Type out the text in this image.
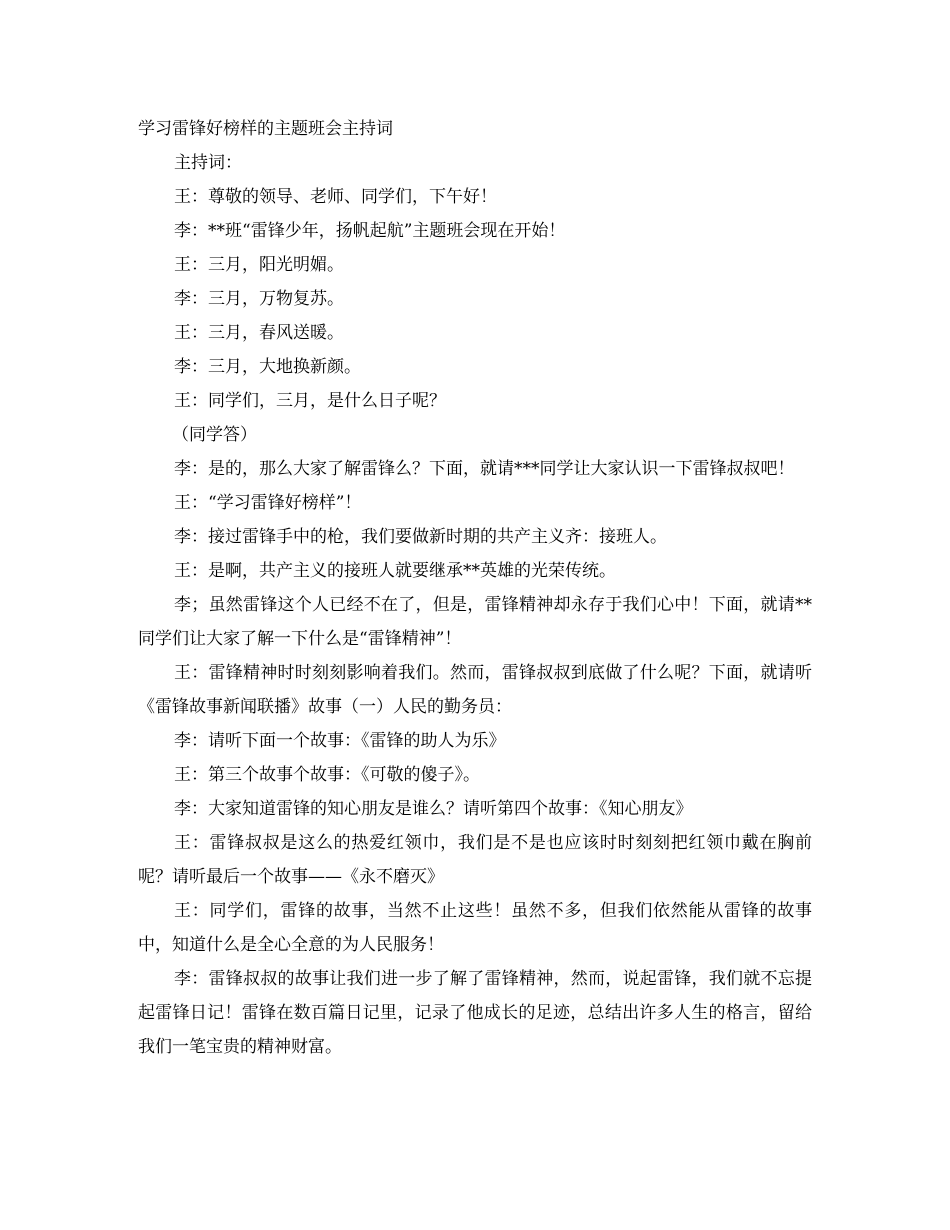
学习雷锋好榜样的主题班会主持词

主持词：

王：尊敬的领导、老师、同学们，下午好！

李：**班“雷锋少年，扬帆起航”主题班会现在开始！

王：三月，阳光明媚。

李：三月，万物复苏。

王：三月，春风送暖。

李：三月，大地换新颜。

王：同学们，三月，是什么日子呢？

（同学答）

李：是的，那么大家了解雷锋么？下面，就请***同学让大家认识一下雷锋叔叔吧！

王：“学习雷锋好榜样”！

李：接过雷锋手中的枪，我们要做新时期的共产主义齐：接班人。

王：是啊，共产主义的接班人就要继承**英雄的光荣传统。

李；虽然雷锋这个人已经不在了，但是，雷锋精神却永存于我们心中！下面，就请**同学们让大家了解一下什么是“雷锋精神”！

王：雷锋精神时时刻刻影响着我们。然而，雷锋叔叔到底做了什么呢？下面，就请听《雷锋故事新闻联播》故事（一）人民的勤务员：

李：请听下面一个故事：《雷锋的助人为乐》

王：第三个故事个故事：《可敬的傻子》。

李：大家知道雷锋的知心朋友是谁么？请听第四个故事：《知心朋友》

王：雷锋叔叔是这么的热爱红领巾，我们是不是也应该时时刻刻把红领巾戴在胸前呢？请听最后一个故事——《永不磨灭》

王：同学们，雷锋的故事，当然不止这些！虽然不多，但我们依然能从雷锋的故事中，知道什么是全心全意的为人民服务！

李：雷锋叔叔的故事让我们进一步了解了雷锋精神，然而，说起雷锋，我们就不忘提起雷锋日记！雷锋在数百篇日记里，记录了他成长的足迹，总结出许多人生的格言，留给我们一笔宝贵的精神财富。
